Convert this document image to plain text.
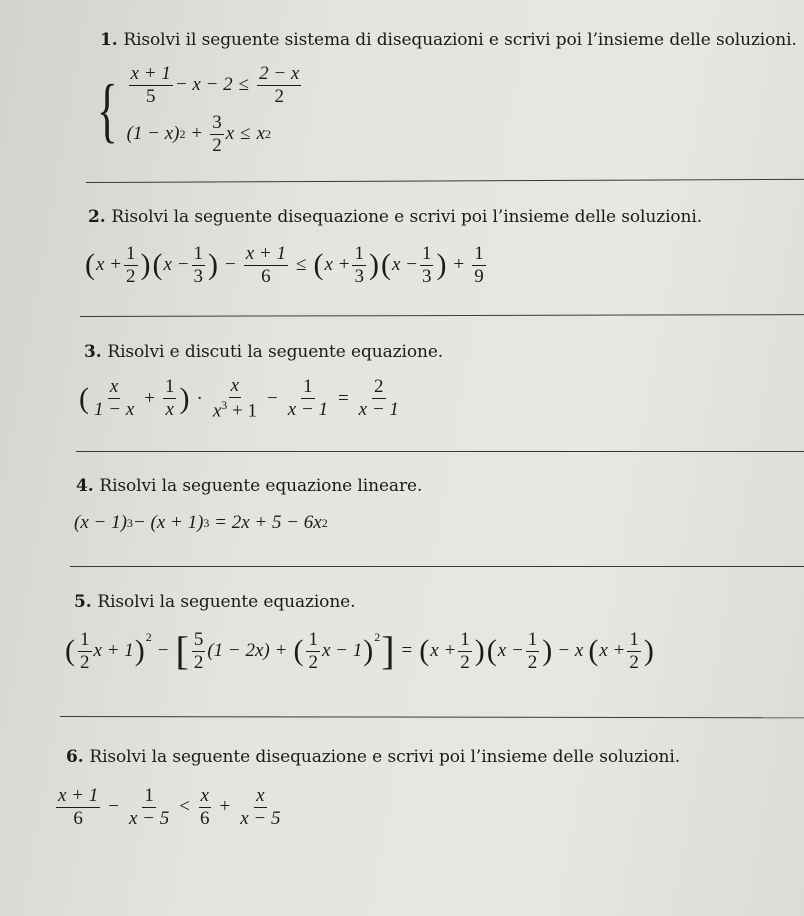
1. Risolvi il seguente sistema di disequazioni e scrivi poi l’insieme delle soluzioni.
{ $\frac{x + 1}{5} - x - 2 \le \frac{2 - x}{2}$
(1 − x) $2 + \frac{3}{2}$ x ≤ x 2
2. Risolvi la seguente disequazione e scrivi poi l’insieme delle soluzioni.
( $x + \frac{1}{2}$ ) ( $x - \frac{1}{3}$ ) − $\frac{x + 1}{6}$ ≤ ( $x + \frac{1}{3}$ ) ( $x - \frac{1}{3}$ ) + $\frac{1}{9}$
3. Risolvi e discuti la seguente equazione.
( $\frac{x}{1 - x} + \frac{1}{x}$ ) · $\frac{x}{x^3 + 1} - \frac{1}{x - 1} = \frac{2}{x - 1}$
4. Risolvi la seguente equazione lineare.
(x − 1) 3 − (x + 1) 3 = 2x + 5 − 6x 2
5. Risolvi la seguente equazione.
( $\frac{1}{2}$ x + 1 )$^2$
− [ $\frac{5}{2} (1 - 2x)$ + ( $\frac{1}{2}$ x − 1 )$^2$ ] = ( $x + \frac{1}{2}$ ) ( $x - \frac{1}{2}$ ) − x ( $x + \frac{1}{2}$ )
6. Risolvi la seguente disequazione e scrivi poi l’insieme delle soluzioni.
$\frac{x + 1}{6} - \frac{1}{x - 5} < \frac{x}{6} + \frac{x}{x - 5}$
